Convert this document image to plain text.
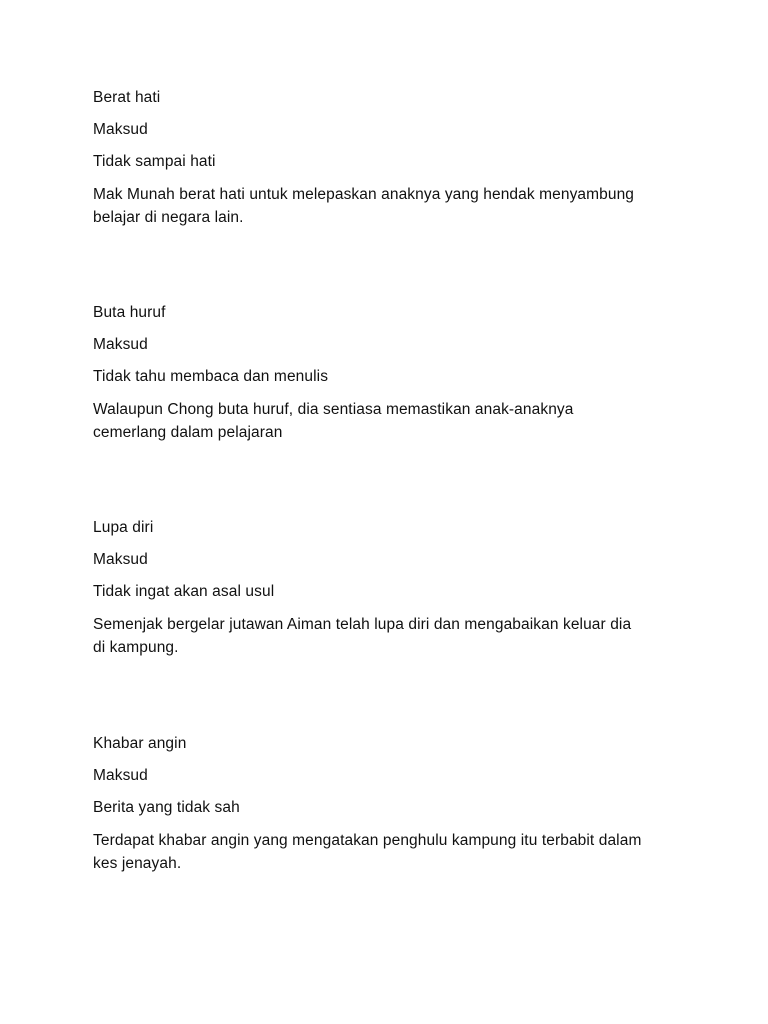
Berat hati

Maksud

Tidak sampai hati

Mak Munah berat hati untuk melepaskan anaknya yang hendak menyambung

belajar di negara lain.

Buta huruf

Maksud

Tidak tahu membaca dan menulis

Walaupun Chong buta huruf, dia sentiasa memastikan anak-anaknya

cemerlang dalam pelajaran

Lupa diri

Maksud

Tidak ingat akan asal usul

Semenjak bergelar jutawan Aiman telah lupa diri dan mengabaikan keluar dia

di kampung.

Khabar angin

Maksud

Berita yang tidak sah

Terdapat khabar angin yang mengatakan penghulu kampung itu terbabit dalam

kes jenayah.
